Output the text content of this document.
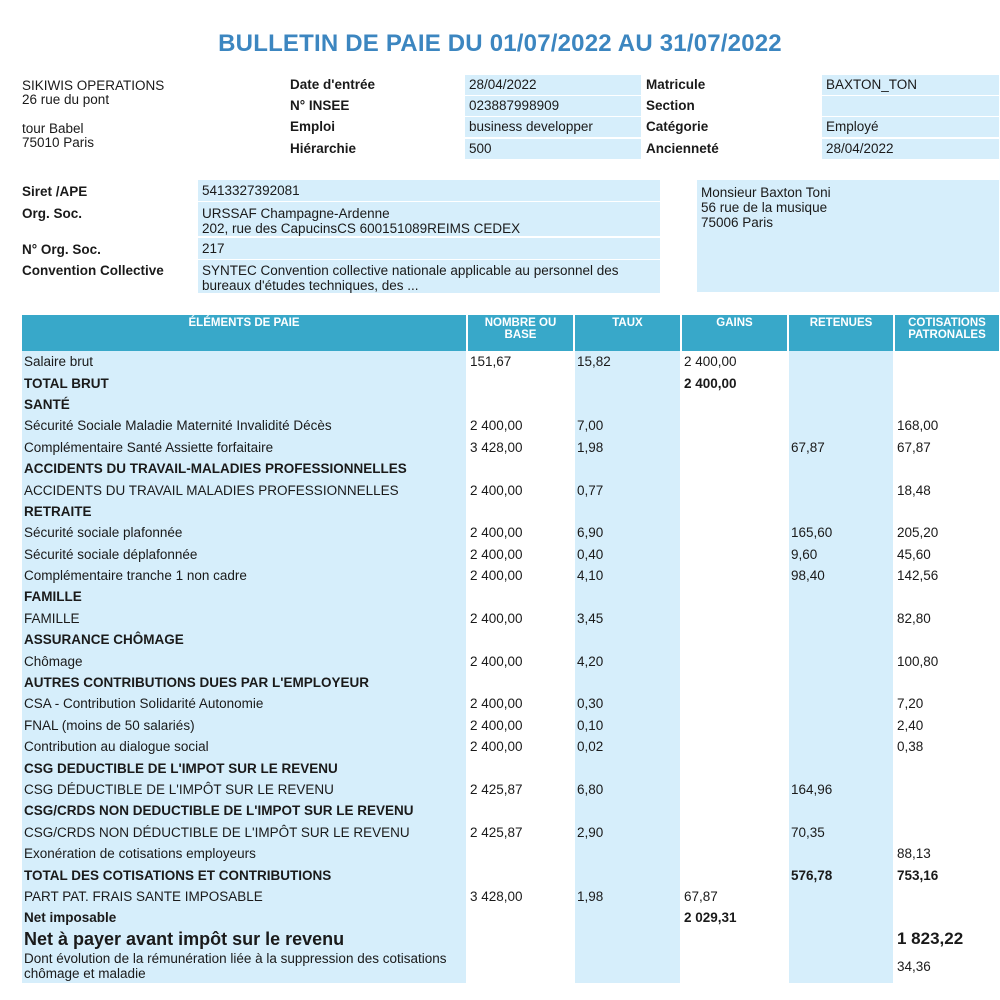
BULLETIN DE PAIE DU 01/07/2022 AU 31/07/2022
SIKIWIS OPERATIONS
26 rue du pont
tour Babel
75010 Paris
Date d'entrée	28/04/2022
N° INSEE	023887998909
Emploi	business developper
Hiérarchie	500
Matricule	BAXTON_TON
Section
Catégorie	Employé
Ancienneté	28/04/2022
Siret /APE	5413327392081
Org. Soc.	URSSAF Champagne-Ardenne
202, rue des CapucinsCS 600151089REIMS CEDEX
N° Org. Soc.	217
Convention Collective	SYNTEC Convention collective nationale applicable au personnel des
bureaux d'études techniques, des ...
Monsieur Baxton Toni
56 rue de la musique
75006 Paris
ÉLÉMENTS DE PAIE	NOMBRE OU BASE	TAUX	GAINS	RETENUES	COTISATIONS PATRONALES
Salaire brut	151,67	15,82	2 400,00		
TOTAL BRUT			2 400,00		
SANTÉ					
Sécurité Sociale Maladie Maternité Invalidité Décès	2 400,00	7,00			168,00
Complémentaire Santé Assiette forfaitaire	3 428,00	1,98		67,87	67,87
ACCIDENTS DU TRAVAIL-MALADIES PROFESSIONNELLES					
ACCIDENTS DU TRAVAIL MALADIES PROFESSIONNELLES	2 400,00	0,77			18,48
RETRAITE					
Sécurité sociale plafonnée	2 400,00	6,90		165,60	205,20
Sécurité sociale déplafonnée	2 400,00	0,40		9,60	45,60
Complémentaire tranche 1 non cadre	2 400,00	4,10		98,40	142,56
FAMILLE					
FAMILLE	2 400,00	3,45			82,80
ASSURANCE CHÔMAGE					
Chômage	2 400,00	4,20			100,80
AUTRES CONTRIBUTIONS DUES PAR L'EMPLOYEUR					
CSA - Contribution Solidarité Autonomie	2 400,00	0,30			7,20
FNAL (moins de 50 salariés)	2 400,00	0,10			2,40
Contribution au dialogue social	2 400,00	0,02			0,38
CSG DEDUCTIBLE DE L'IMPOT SUR LE REVENU					
CSG DÉDUCTIBLE DE L'IMPÔT SUR LE REVENU	2 425,87	6,80		164,96	
CSG/CRDS NON DEDUCTIBLE DE L'IMPOT SUR LE REVENU					
CSG/CRDS NON DÉDUCTIBLE DE L'IMPÔT SUR LE REVENU	2 425,87	2,90		70,35	
Exonération de cotisations employeurs					88,13
TOTAL DES COTISATIONS ET CONTRIBUTIONS				576,78	753,16
PART PAT. FRAIS SANTE IMPOSABLE	3 428,00	1,98	67,87		
Net imposable			2 029,31		
Net à payer avant impôt sur le revenu					1 823,22
Dont évolution de la rémunération liée à la suppression des cotisations chômage et maladie					34,36
